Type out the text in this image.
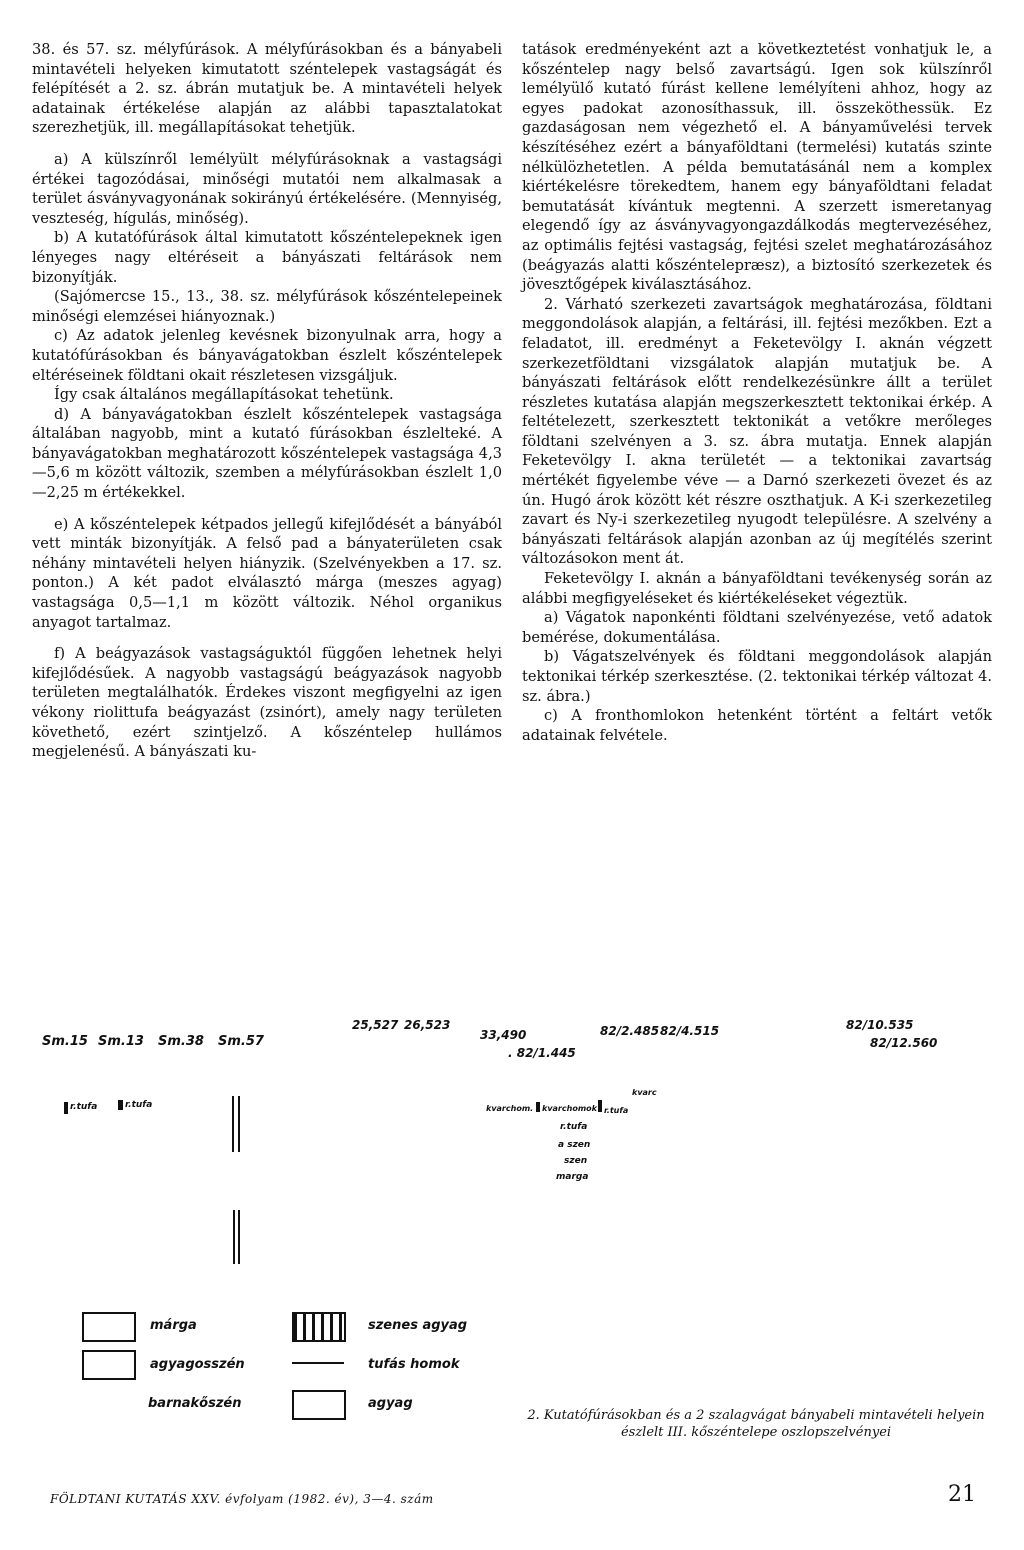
38. és 57. sz. mélyfúrások. A mélyfúrásokban és a bányabeli mintavételi helyeken kimutatott széntelepek vastagságát és felépítését a 2. sz. ábrán mutatjuk be. A mintavételi helyek adatainak értékelése alapján az alábbi tapasztalatokat szerezhetjük, ill. megállapításokat tehetjük.

a) A külszínről lemélyült mélyfúrásoknak a vastagsági értékei tagozódásai, minőségi mutatói nem alkalmasak a terület ásványvagyonának sokirányú értékelésére. (Mennyiség, veszteség, hígulás, minőség).

b) A kutatófúrások által kimutatott kőszéntelepeknek igen lényeges nagy eltéréseit a bányászati feltárások nem bizonyítják.

(Sajómercse 15., 13., 38. sz. mélyfúrások kőszéntelepeinek minőségi elemzései hiányoznak.)

c) Az adatok jelenleg kevésnek bizonyulnak arra, hogy a kutatófúrásokban és bányavágatokban észlelt kőszéntelepek eltéréseinek földtani okait részletesen vizsgáljuk.

Így csak általános megállapításokat tehetünk.

d) A bányavágatokban észlelt kőszéntelepek vastagsága általában nagyobb, mint a kutató fúrásokban észlelteké. A bányavágatokban meghatározott kőszéntelepek vastagsága 4,3—5,6 m között változik, szemben a mélyfúrásokban észlelt 1,0—2,25 m értékekkel.

e) A kőszéntelepek kétpados jellegű kifejlődését a bányából vett minták bizonyítják. A felső pad a bányaterületen csak néhány mintavételi helyen hiányzik. (Szelvényekben a 17. sz. ponton.) A két padot elválasztó márga (meszes agyag) vastagsága 0,5—1,1 m között változik. Néhol organikus anyagot tartalmaz.

f) A beágyazások vastagságuktól függően lehetnek helyi kifejlődésűek. A nagyobb vastagságú beágyazások nagyobb területen megtalálhatók. Érdekes viszont megfigyelni az igen vékony riolittufa beágyazást (zsinórt), amely nagy területen követhető, ezért szintjelző. A kőszéntelep hullámos megjelenésű. A bányászati ku-

tatások eredményeként azt a következtetést vonhatjuk le, a kőszéntelep nagy belső zavartságú. Igen sok külszínről lemélyülő kutató fúrást kellene lemélyíteni ahhoz, hogy az egyes padokat azonosíthassuk, ill. összeköthessük. Ez gazdaságosan nem végezhető el. A bányaművelési tervek készítéséhez ezért a bányaföldtani (termelési) kutatás szinte nélkülözhetetlen. A példa bemutatásánál nem a komplex kiértékelésre törekedtem, hanem egy bányaföldtani feladat bemutatását kívántuk megtenni. A szerzett ismeretanyag elegendő így az ásványvagyongazdálkodás megtervezéséhez, az optimális fejtési vastagság, fejtési szelet meghatározásához (beágyazás alatti kőszéntelepræsz), a biztosító szerkezetek és jövesztőgépek kiválasztásához.

2. Várható szerkezeti zavartságok meghatározása, földtani meggondolások alapján, a feltárási, ill. fejtési mezőkben. Ezt a feladatot, ill. eredményt a Feketevölgy I. aknán végzett szerkezetföldtani vizsgálatok alapján mutatjuk be. A bányászati feltárások előtt rendelkezésünkre állt a terület részletes kutatása alapján megszerkesztett tektonikai érkép. A feltételezett, szerkesztett tektonikát a vetőkre merőleges földtani szelvényen a 3. sz. ábra mutatja. Ennek alapján Feketevölgy I. akna területét — a tektonikai zavartság mértékét figyelembe véve — a Darnó szerkezeti övezet és az ún. Hugó árok között két részre oszthatjuk. A K-i szerkezetileg zavart és Ny-i szerkezetileg nyugodt településre. A szelvény a bányászati feltárások alapján azonban az új megítélés szerint változásokon ment át.

Feketevölgy I. aknán a bányaföldtani tevékenység során az alábbi megfigyeléseket és kiértékeléseket végeztük.

a) Vágatok naponkénti földtani szelvényezése, vető adatok bemérése, dokumentálása.

b) Vágatszelvények és földtani meggondolások alapján tektonikai térkép szerkesztése. (2. tektonikai térkép változat 4. sz. ábra.)

c) A fronthomlokon hetenként történt a feltárt vetők adatainak felvétele.

Sm.15 Sm.13 Sm.38 Sm.57
25,527 26,523
33,490
. 82/1.445
82/2.485 82/4.515	82/10.535
82/12.560
r.tufa	r.tufa
kvarc
kvarchom. kvarchomok r.tufa
r.tufa
a szen
szen
marga
márga	szenes agyag
agyagosszén	tufás homok
barnakőszén	agyag
2. Kutatófúrásokban és a 2 szalagvágat bányabeli mintavételi helyein észlelt III. kőszéntelepe oszlopszelvényei
FÖLDTANI KUTATÁS XXV. évfolyam (1982. év), 3—4. szám	21
